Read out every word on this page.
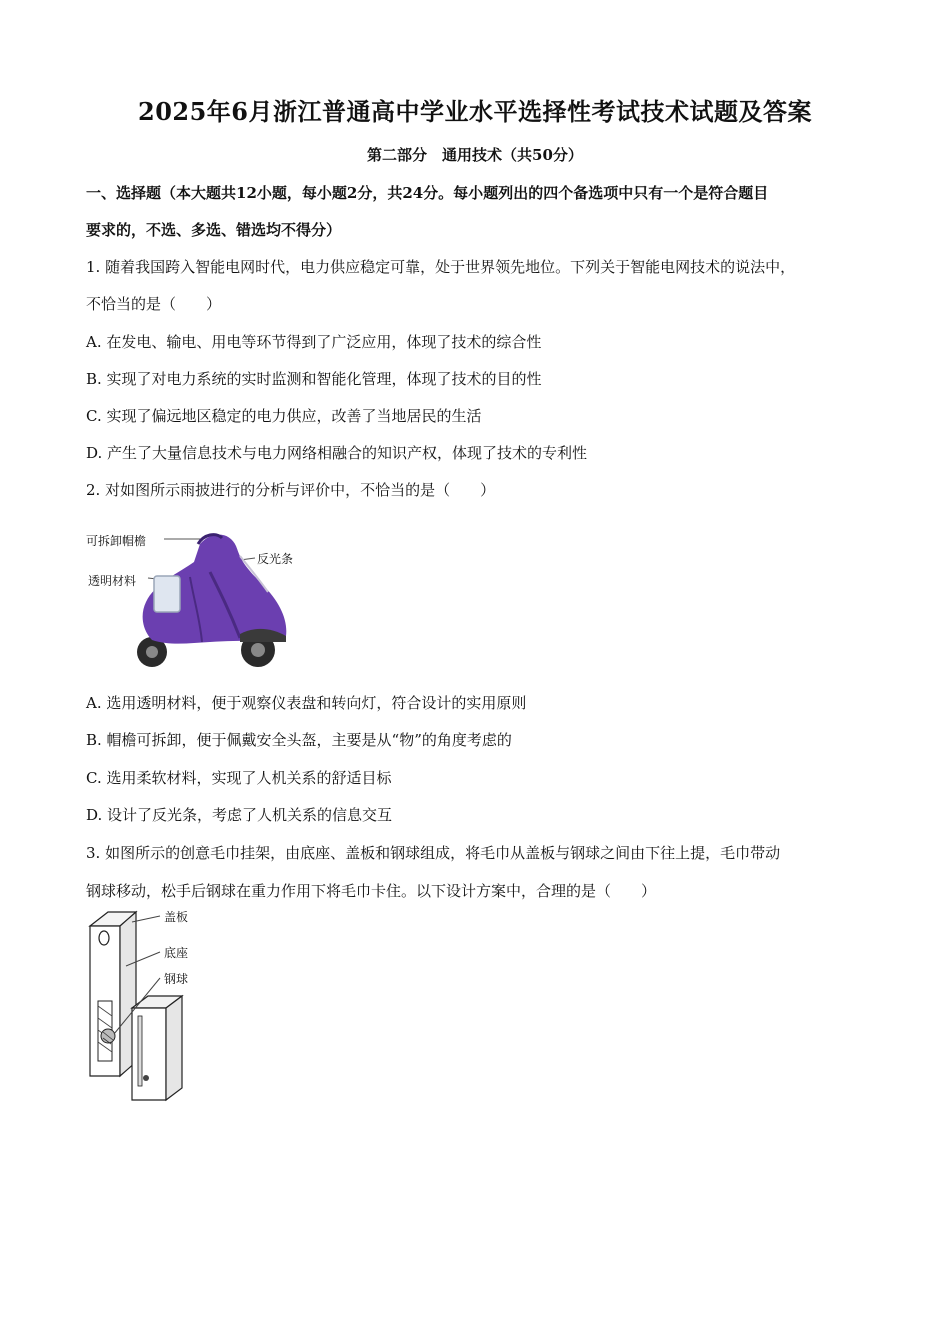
2025年6月浙江普通高中学业水平选择性考试技术试题及答案
第二部分　通用技术（共50分）
一、选择题（本大题共12小题，每小题2分，共24分。每小题列出的四个备选项中只有一个是符合题目
要求的，不选、多选、错选均不得分）
1. 随着我国跨入智能电网时代，电力供应稳定可靠，处于世界领先地位。下列关于智能电网技术的说法中，
不恰当的是（　　）
A. 在发电、输电、用电等环节得到了广泛应用，体现了技术的综合性
B. 实现了对电力系统的实时监测和智能化管理，体现了技术的目的性
C. 实现了偏远地区稳定的电力供应，改善了当地居民的生活
D. 产生了大量信息技术与电力网络相融合的知识产权，体现了技术的专利性
2. 对如图所示雨披进行的分析与评价中，不恰当的是（　　）
可拆卸帽檐
反光条
透明材料
A. 选用透明材料，便于观察仪表盘和转向灯，符合设计的实用原则
B. 帽檐可拆卸，便于佩戴安全头盔，主要是从“物”的角度考虑的
C. 选用柔软材料，实现了人机关系的舒适目标
D. 设计了反光条，考虑了人机关系的信息交互
3. 如图所示的创意毛巾挂架，由底座、盖板和钢球组成，将毛巾从盖板与钢球之间由下往上提，毛巾带动
钢球移动，松手后钢球在重力作用下将毛巾卡住。以下设计方案中，合理的是（　　）
盖板
底座
钢球
